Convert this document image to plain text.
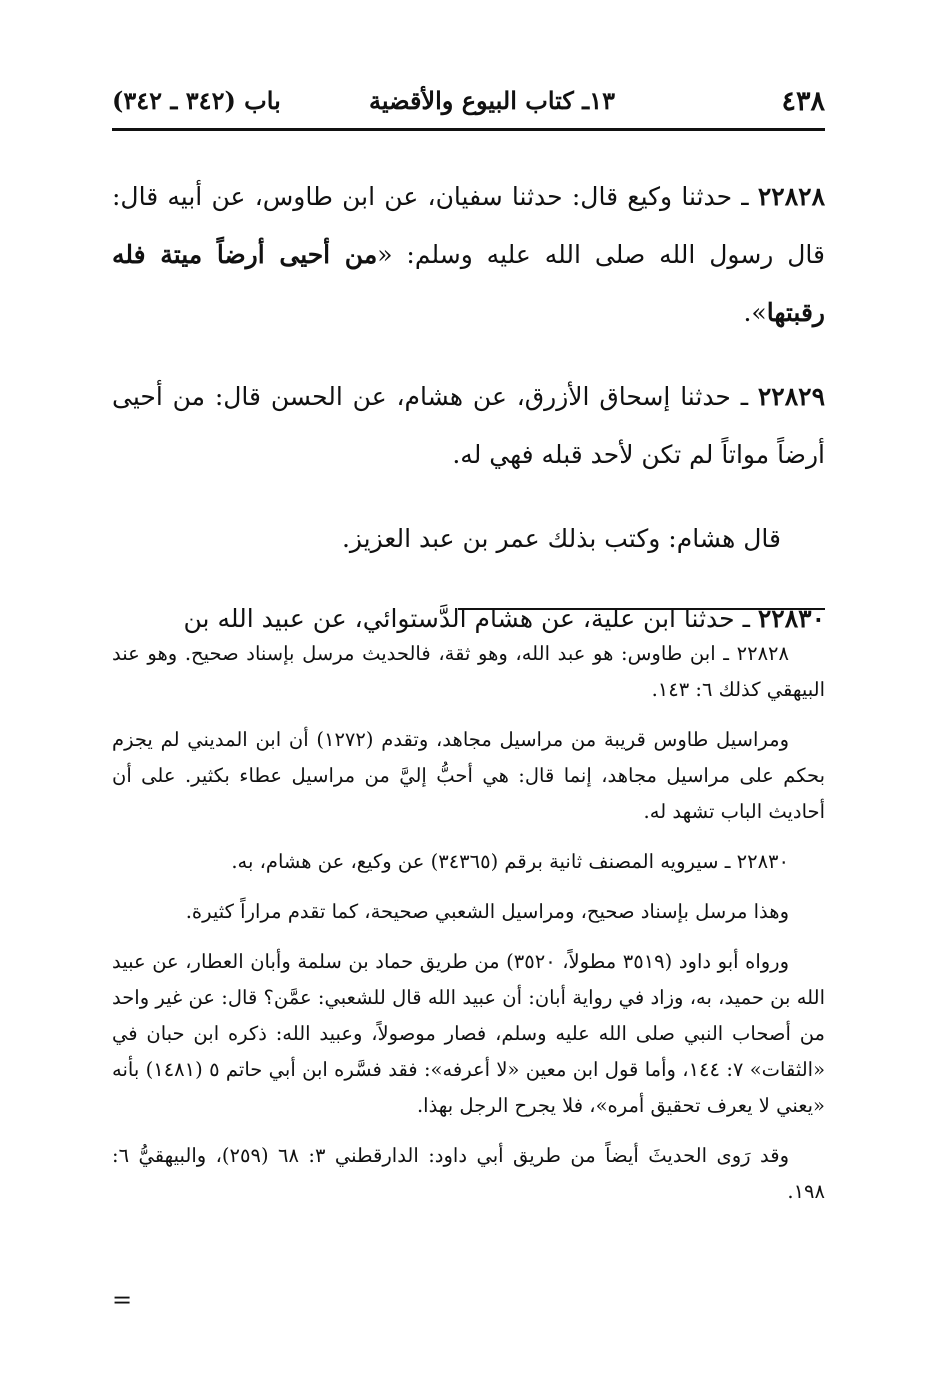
٤٣٨
١٣ـ كتاب البيوع والأقضية
باب (٣٤٢ ـ ٣٤٢)

٢٢٨٢٨ ـ حدثنا وكيع قال: حدثنا سفيان، عن ابن طاوس، عن أبيه قال: قال رسول الله صلى الله عليه وسلم: «من أحيى أرضاً ميتة فله رقبتها».

٢٢٨٢٩ ـ حدثنا إسحاق الأزرق، عن هشام، عن الحسن قال: من أحيى أرضاً مواتاً لم تكن لأحد قبله فهي له.

قال هشام: وكتب بذلك عمر بن عبد العزيز.

٢٢٨٣٠ ـ حدثنا ابن علية، عن هشام الدَّستوائي، عن عبيد الله بن

٢٢٨٢٨ ـ ابن طاوس: هو عبد الله، وهو ثقة، فالحديث مرسل بإسناد صحيح. وهو عند البيهقي كذلك ٦: ١٤٣.

ومراسيل طاوس قريبة من مراسيل مجاهد، وتقدم (١٢٧٢) أن ابن المديني لم يجزم بحكم على مراسيل مجاهد، إنما قال: هي أحبُّ إليَّ من مراسيل عطاء بكثير. على أن أحاديث الباب تشهد له.

٢٢٨٣٠ ـ سيرويه المصنف ثانية برقم (٣٤٣٦٥) عن وكيع، عن هشام، به.

وهذا مرسل بإسناد صحيح، ومراسيل الشعبي صحيحة، كما تقدم مراراً كثيرة.

ورواه أبو داود (٣٥١٩ مطولاً، ٣٥٢٠) من طريق حماد بن سلمة وأبان العطار، عن عبيد الله بن حميد، به، وزاد في رواية أبان: أن عبيد الله قال للشعبي: عمَّن؟ قال: عن غير واحد من أصحاب النبي صلى الله عليه وسلم، فصار موصولاً، وعبيد الله: ذكره ابن حبان في «الثقات» ٧: ١٤٤، وأما قول ابن معين «لا أعرفه»: فقد فسَّره ابن أبي حاتم ٥ (١٤٨١) بأنه «يعني لا يعرف تحقيق أمره»، فلا يجرح الرجل بهذا.

وقد رَوى الحديثَ أيضاً من طريق أبي داود: الدارقطني ٣: ٦٨ (٢٥٩)، والبيهقيُّ ٦: ١٩٨.

=
